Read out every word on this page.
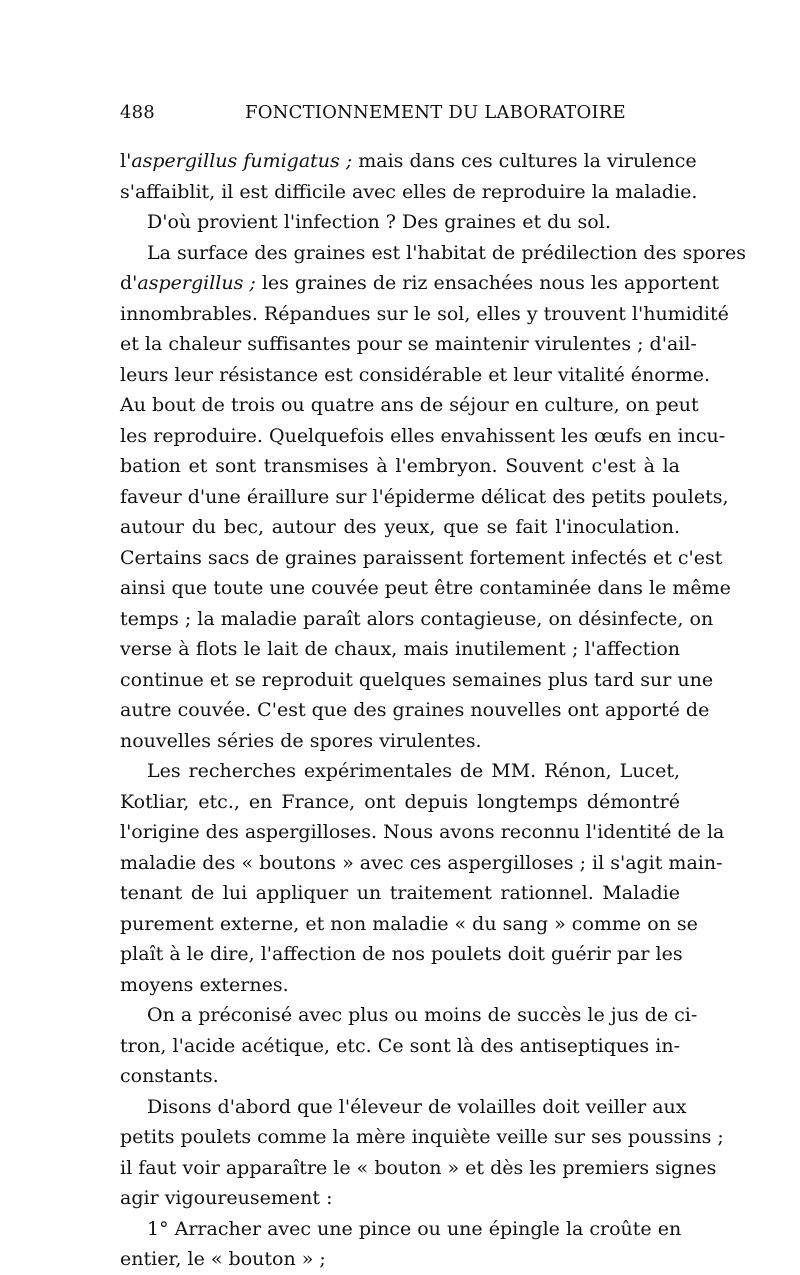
488	FONCTIONNEMENT DU LABORATOIRE
l'aspergillus fumigatus ; mais dans ces cultures la virulence
s'affaiblit, il est difficile avec elles de reproduire la maladie.
D'où provient l'infection ? Des graines et du sol.
La surface des graines est l'habitat de prédilection des spores
d'aspergillus ; les graines de riz ensachées nous les apportent
innombrables. Répandues sur le sol, elles y trouvent l'humidité
et la chaleur suffisantes pour se maintenir virulentes ; d'ail-
leurs leur résistance est considérable et leur vitalité énorme.
Au bout de trois ou quatre ans de séjour en culture, on peut
les reproduire. Quelquefois elles envahissent les œufs en incu-
bation et sont transmises à l'embryon. Souvent c'est à la
faveur d'une éraillure sur l'épiderme délicat des petits poulets,
autour du bec, autour des yeux, que se fait l'inoculation.
Certains sacs de graines paraissent fortement infectés et c'est
ainsi que toute une couvée peut être contaminée dans le même
temps ; la maladie paraît alors contagieuse, on désinfecte, on
verse à flots le lait de chaux, mais inutilement ; l'affection
continue et se reproduit quelques semaines plus tard sur une
autre couvée. C'est que des graines nouvelles ont apporté de
nouvelles séries de spores virulentes.
Les recherches expérimentales de MM. Rénon, Lucet,
Kotliar, etc., en France, ont depuis longtemps démontré
l'origine des aspergilloses. Nous avons reconnu l'identité de la
maladie des « boutons » avec ces aspergilloses ; il s'agit main-
tenant de lui appliquer un traitement rationnel. Maladie
purement externe, et non maladie « du sang » comme on se
plaît à le dire, l'affection de nos poulets doit guérir par les
moyens externes.
On a préconisé avec plus ou moins de succès le jus de ci-
tron, l'acide acétique, etc. Ce sont là des antiseptiques in-
constants.
Disons d'abord que l'éleveur de volailles doit veiller aux
petits poulets comme la mère inquiète veille sur ses poussins ;
il faut voir apparaître le « bouton » et dès les premiers signes
agir vigoureusement :
1° Arracher avec une pince ou une épingle la croûte en
entier, le « bouton » ;
